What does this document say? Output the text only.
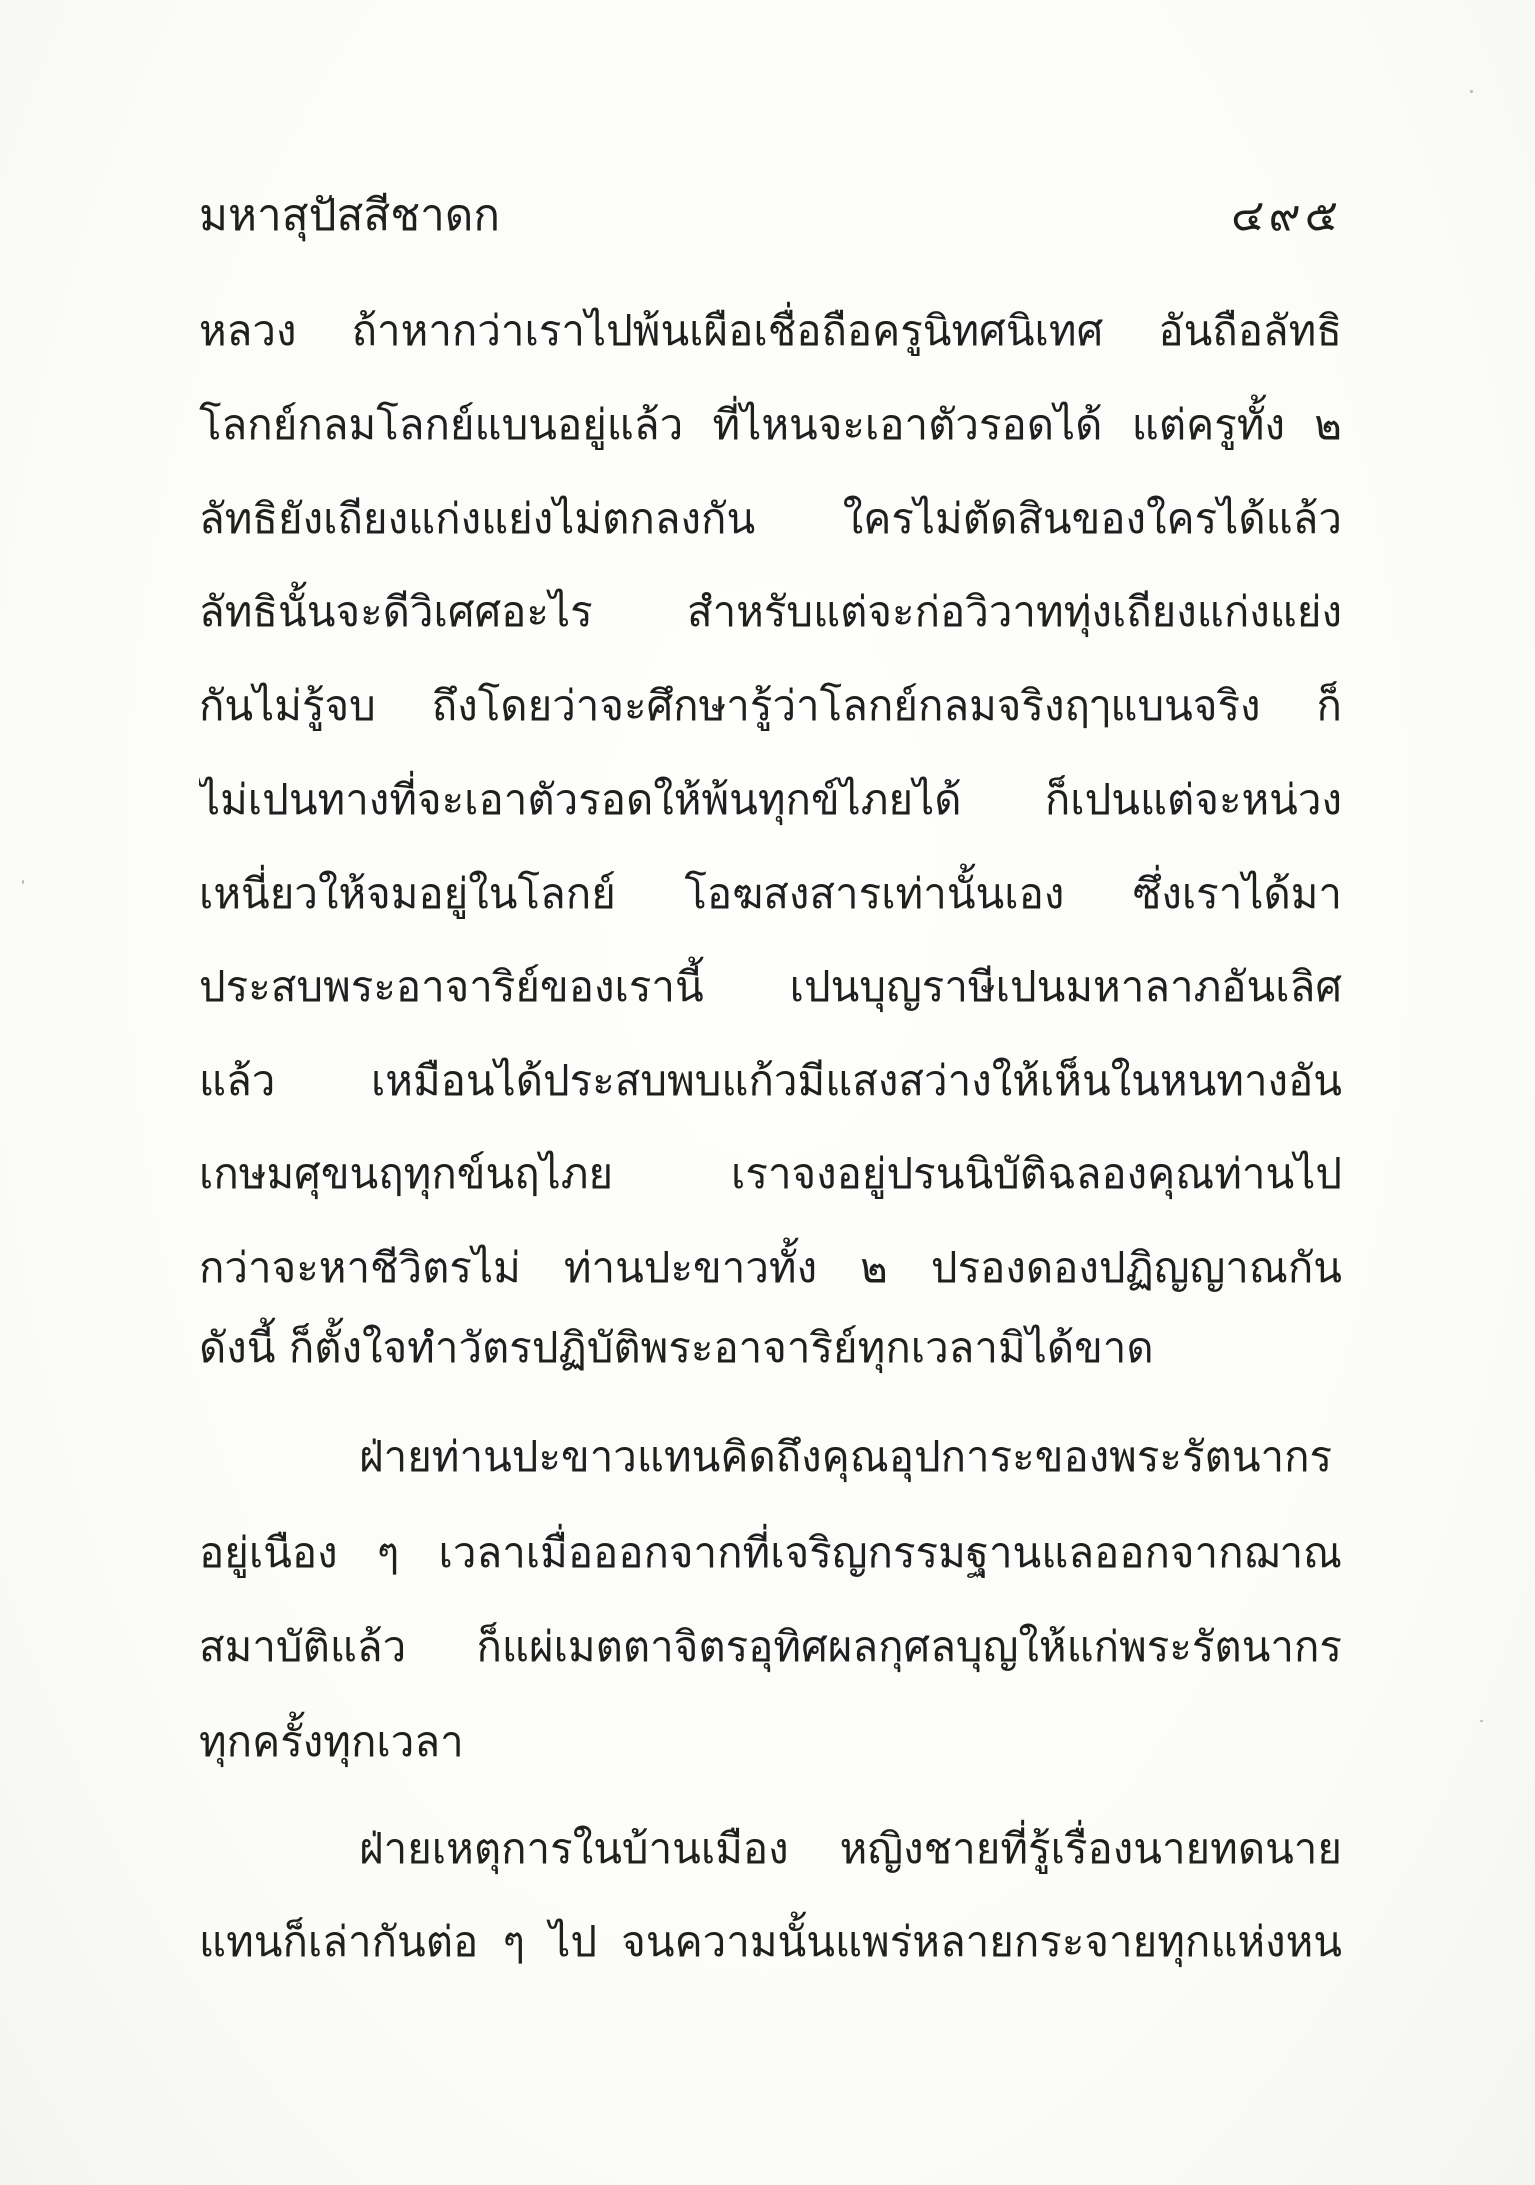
มหาสุปัสสีชาดก	๔๙๕
หลวง ถ้าหากว่าเราไปพ้นเผือเชื่อถือครูนิทศนิเทศ อันถือลัทธิ
โลกย์กลมโลกย์แบนอยู่แล้ว ที่ไหนจะเอาตัวรอดได้ แต่ครูทั้ง ๒
ลัทธิยังเถียงแก่งแย่งไม่ตกลงกัน ใครไม่ตัดสินของใครได้แล้ว
ลัทธินั้นจะดีวิเศศอะไร สำหรับแต่จะก่อวิวาททุ่งเถียงแก่งแย่ง
กันไม่รู้จบ ถึงโดยว่าจะศึกษารู้ว่าโลกย์กลมจริงฤๅแบนจริง ก็
ไม่เปนทางที่จะเอาตัวรอดให้พ้นทุกข์ไภยได้ ก็เปนแต่จะหน่วง
เหนี่ยวให้จมอยู่ในโลกย์ โอฆสงสารเท่านั้นเอง ซึ่งเราได้มา
ประสบพระอาจาริย์ของเรานี้ เปนบุญราษีเปนมหาลาภอันเลิศ
แล้ว เหมือนได้ประสบพบแก้วมีแสงสว่างให้เห็นในหนทางอัน
เกษมศุขนฤทุกข์นฤไภย เราจงอยู่ปรนนิบัติฉลองคุณท่านไป
กว่าจะหาชีวิตรไม่ ท่านปะขาวทั้ง ๒ ปรองดองปฏิญญาณกัน
ดังนี้ ก็ตั้งใจทำวัตรปฏิบัติพระอาจาริย์ทุกเวลามิได้ขาด
ฝ่ายท่านปะขาวแทนคิดถึงคุณอุปการะของพระรัตนากร
อยู่เนือง ๆ เวลาเมื่อออกจากที่เจริญกรรมฐานแลออกจากฌาณ
สมาบัติแล้ว ก็แผ่เมตตาจิตรอุทิศผลกุศลบุญให้แก่พระรัตนากร
ทุกครั้งทุกเวลา
ฝ่ายเหตุการในบ้านเมือง หญิงชายที่รู้เรื่องนายทดนาย
แทนก็เล่ากันต่อ ๆ ไป จนความนั้นแพร่หลายกระจายทุกแห่งหน
